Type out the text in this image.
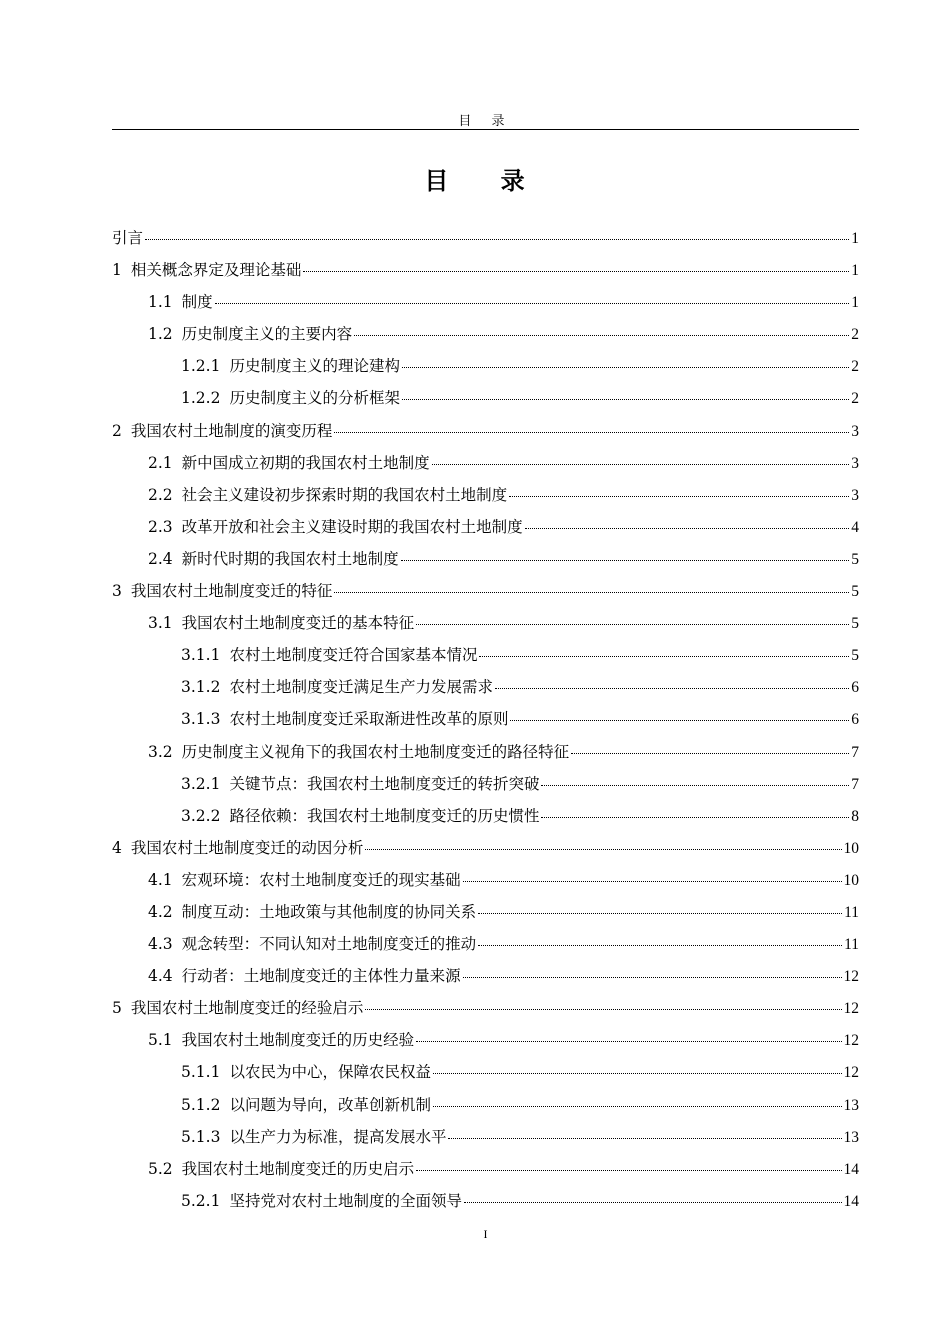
目 录
目 录
引言	1
1 相关概念界定及理论基础	1
1.1 制度	1
1.2 历史制度主义的主要内容	2
1.2.1 历史制度主义的理论建构	2
1.2.2 历史制度主义的分析框架	2
2 我国农村土地制度的演变历程	3
2.1 新中国成立初期的我国农村土地制度	3
2.2 社会主义建设初步探索时期的我国农村土地制度	3
2.3 改革开放和社会主义建设时期的我国农村土地制度	4
2.4 新时代时期的我国农村土地制度	5
3 我国农村土地制度变迁的特征	5
3.1 我国农村土地制度变迁的基本特征	5
3.1.1 农村土地制度变迁符合国家基本情况	5
3.1.2 农村土地制度变迁满足生产力发展需求	6
3.1.3 农村土地制度变迁采取渐进性改革的原则	6
3.2 历史制度主义视角下的我国农村土地制度变迁的路径特征	7
3.2.1 关键节点：我国农村土地制度变迁的转折突破	7
3.2.2 路径依赖：我国农村土地制度变迁的历史惯性	8
4 我国农村土地制度变迁的动因分析	10
4.1 宏观环境：农村土地制度变迁的现实基础	10
4.2 制度互动：土地政策与其他制度的协同关系	11
4.3 观念转型：不同认知对土地制度变迁的推动	11
4.4 行动者：土地制度变迁的主体性力量来源	12
5 我国农村土地制度变迁的经验启示	12
5.1 我国农村土地制度变迁的历史经验	12
5.1.1 以农民为中心，保障农民权益	12
5.1.2 以问题为导向，改革创新机制	13
5.1.3 以生产力为标准，提高发展水平	13
5.2 我国农村土地制度变迁的历史启示	14
5.2.1 坚持党对农村土地制度的全面领导	14
I
